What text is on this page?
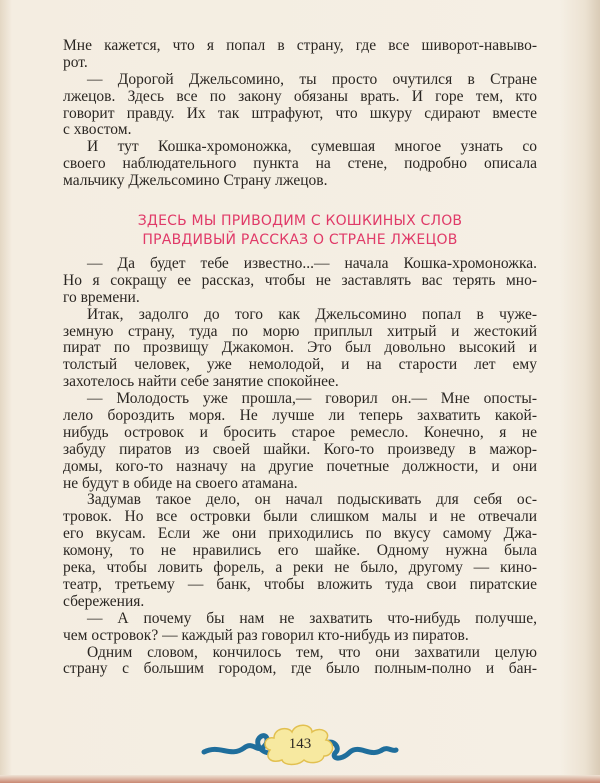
Мне кажется, что я попал в страну, где все шиворот-навыво-
рот.
— Дорогой Джельсомино, ты просто очутился в Стране
лжецов. Здесь все по закону обязаны врать. И горе тем, кто
говорит правду. Их так штрафуют, что шкуру сдирают вместе
с хвостом.
И тут Кошка-хромоножка, сумевшая многое узнать со
своего наблюдательного пункта на стене, подробно описала
мальчику Джельсомино Страну лжецов.
ЗДЕСЬ МЫ ПРИВОДИМ С КОШКИНЫХ СЛОВ
ПРАВДИВЫЙ РАССКАЗ О СТРАНЕ ЛЖЕЦОВ
— Да будет тебе известно...— начала Кошка-хромоножка.
Но я сокращу ее рассказ, чтобы не заставлять вас терять мно-
го времени.
Итак, задолго до того как Джельсомино попал в чуже-
земную страну, туда по морю приплыл хитрый и жестокий
пират по прозвищу Джакомон. Это был довольно высокий и
толстый человек, уже немолодой, и на старости лет ему
захотелось найти себе занятие спокойнее.
— Молодость уже прошла,— говорил он.— Мне опосты-
лело бороздить моря. Не лучше ли теперь захватить какой-
нибудь островок и бросить старое ремесло. Конечно, я не
забуду пиратов из своей шайки. Кого-то произведу в мажор-
домы, кого-то назначу на другие почетные должности, и они
не будут в обиде на своего атамана.
Задумав такое дело, он начал подыскивать для себя ос-
тровок. Но все островки были слишком малы и не отвечали
его вкусам. Если же они приходились по вкусу самому Джа-
комону, то не нравились его шайке. Одному нужна была
река, чтобы ловить форель, а реки не было, другому — кино-
театр, третьему — банк, чтобы вложить туда свои пиратские
сбережения.
— А почему бы нам не захватить что-нибудь получше,
чем островок? — каждый раз говорил кто-нибудь из пиратов.
Одним словом, кончилось тем, что они захватили целую
страну с большим городом, где было полным-полно и бан-
143
